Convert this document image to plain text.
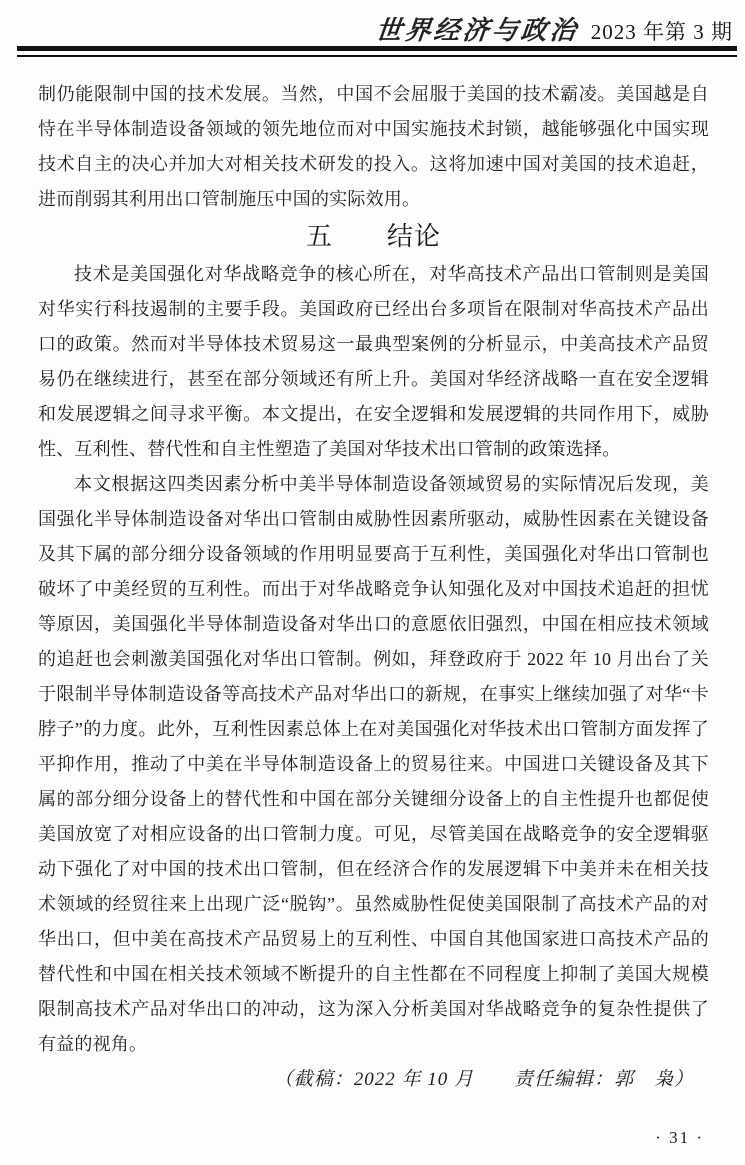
世界经济与政治 2023 年第 3 期

制仍能限制中国的技术发展。当然，中国不会屈服于美国的技术霸凌。美国越是自恃在半导体制造设备领域的领先地位而对中国实施技术封锁，越能够强化中国实现技术自主的决心并加大对相关技术研发的投入。这将加速中国对美国的技术追赶，进而削弱其利用出口管制施压中国的实际效用。

五　　结论

技术是美国强化对华战略竞争的核心所在，对华高技术产品出口管制则是美国对华实行科技遏制的主要手段。美国政府已经出台多项旨在限制对华高技术产品出口的政策。然而对半导体技术贸易这一最典型案例的分析显示，中美高技术产品贸易仍在继续进行，甚至在部分领域还有所上升。美国对华经济战略一直在安全逻辑和发展逻辑之间寻求平衡。本文提出，在安全逻辑和发展逻辑的共同作用下，威胁性、互利性、替代性和自主性塑造了美国对华技术出口管制的政策选择。

本文根据这四类因素分析中美半导体制造设备领域贸易的实际情况后发现，美国强化半导体制造设备对华出口管制由威胁性因素所驱动，威胁性因素在关键设备及其下属的部分细分设备领域的作用明显要高于互利性，美国强化对华出口管制也破坏了中美经贸的互利性。而出于对华战略竞争认知强化及对中国技术追赶的担忧等原因，美国强化半导体制造设备对华出口的意愿依旧强烈，中国在相应技术领域的追赶也会刺激美国强化对华出口管制。例如，拜登政府于 2022 年 10 月出台了关于限制半导体制造设备等高技术产品对华出口的新规，在事实上继续加强了对华“卡脖子”的力度。此外，互利性因素总体上在对美国强化对华技术出口管制方面发挥了平抑作用，推动了中美在半导体制造设备上的贸易往来。中国进口关键设备及其下属的部分细分设备上的替代性和中国在部分关键细分设备上的自主性提升也都促使美国放宽了对相应设备的出口管制力度。可见，尽管美国在战略竞争的安全逻辑驱动下强化了对中国的技术出口管制，但在经济合作的发展逻辑下中美并未在相关技术领域的经贸往来上出现广泛“脱钩”。虽然威胁性促使美国限制了高技术产品的对华出口，但中美在高技术产品贸易上的互利性、中国自其他国家进口高技术产品的替代性和中国在相关技术领域不断提升的自主性都在不同程度上抑制了美国大规模限制高技术产品对华出口的冲动，这为深入分析美国对华战略竞争的复杂性提供了有益的视角。

（截稿：2022 年 10 月　　责任编辑：郭　枭）

· 31 ·
